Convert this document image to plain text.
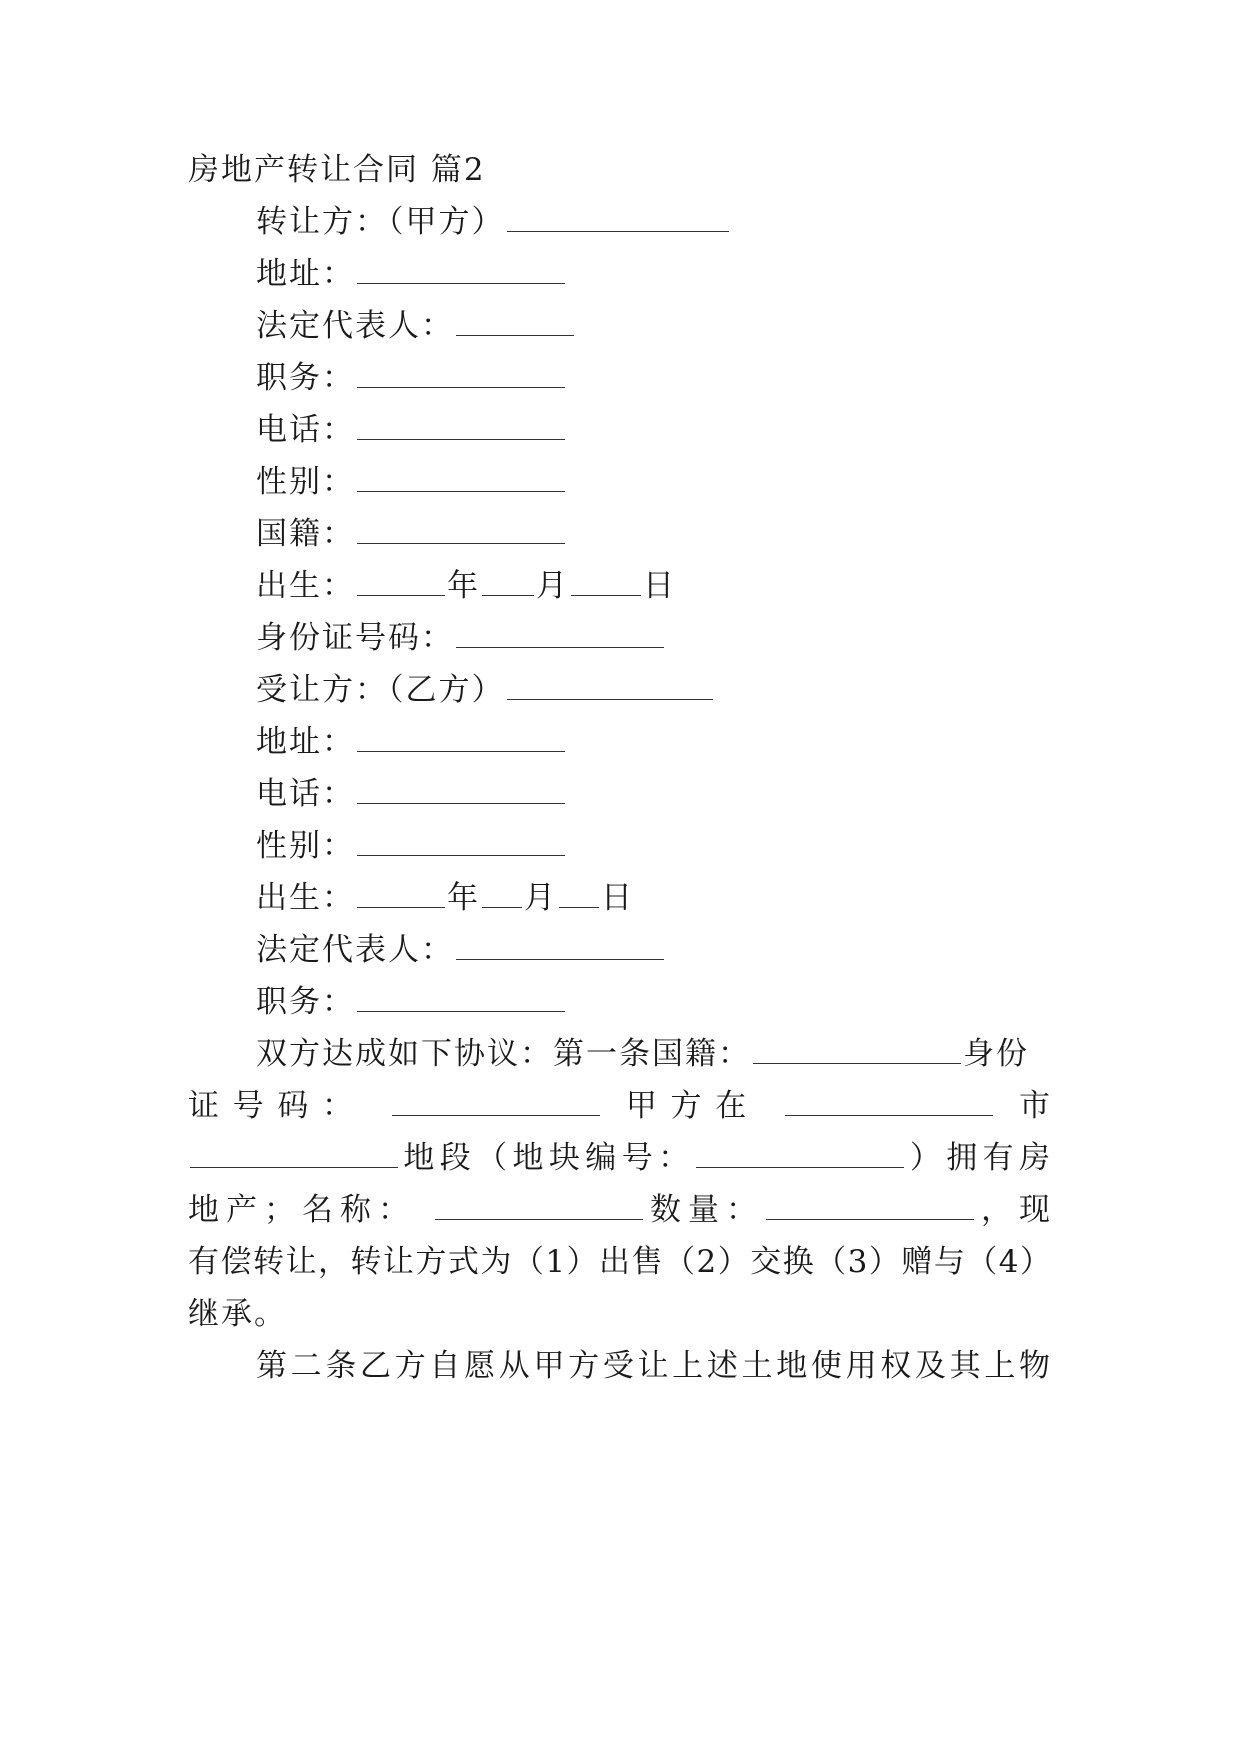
房地产转让合同 篇2
转让方：（甲方）
地址：
法定代表人：
职务：
电话：
性别：
国籍：
出生：	年 月 日
身份证号码：
受让方：（乙方）
地址：
电话：
性别：
出生：	年 月 日
法定代表人：
职务：
双方达成如下协议：第一条国籍：	身份
证号码：	甲方在	市
地段（地块编号：	）拥有房
地产；名称：	数量：	，现
有偿转让，转让方式为（1）出售（2）交换（3）赠与（4）
继承。
第二条乙方自愿从甲方受让上述土地使用权及其上物
